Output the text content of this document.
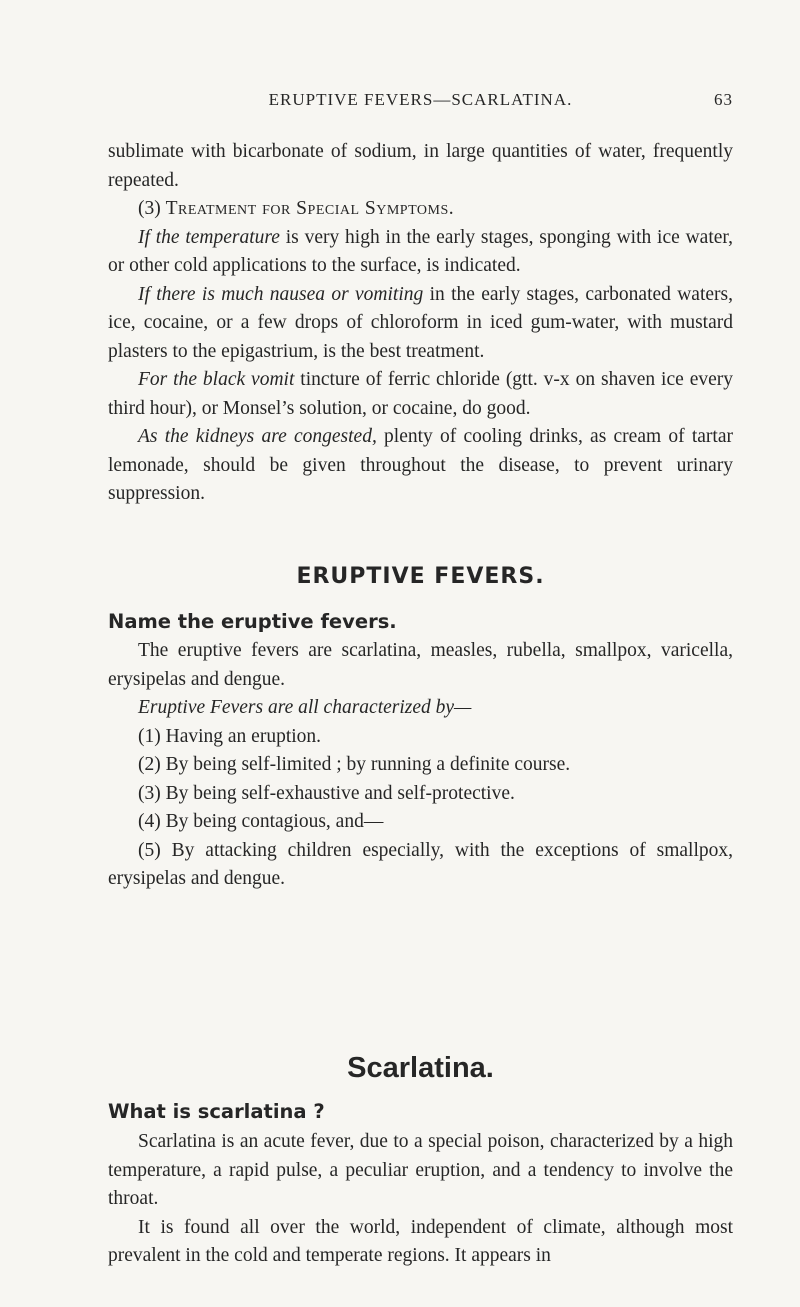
ERUPTIVE FEVERS—SCARLATINA.	63

sublimate with bicarbonate of sodium, in large quantities of water, frequently repeated.

(3) Treatment for Special Symptoms.

If the temperature is very high in the early stages, sponging with ice water, or other cold applications to the surface, is indicated.

If there is much nausea or vomiting in the early stages, carbonated waters, ice, cocaine, or a few drops of chloroform in iced gum-water, with mustard plasters to the epigastrium, is the best treatment.

For the black vomit tincture of ferric chloride (gtt. v-x on shaven ice every third hour), or Monsel’s solution, or cocaine, do good.

As the kidneys are congested, plenty of cooling drinks, as cream of tartar lemonade, should be given throughout the disease, to prevent urinary suppression.

ERUPTIVE FEVERS.
Name the eruptive fevers.

The eruptive fevers are scarlatina, measles, rubella, smallpox, varicella, erysipelas and dengue.

Eruptive Fevers are all characterized by—

(1) Having an eruption.

(2) By being self-limited ; by running a definite course.

(3) By being self-exhaustive and self-protective.

(4) By being contagious, and—

(5) By attacking children especially, with the exceptions of smallpox, erysipelas and dengue.

Scarlatina.
What is scarlatina ?

Scarlatina is an acute fever, due to a special poison, characterized by a high temperature, a rapid pulse, a peculiar eruption, and a tendency to involve the throat.

It is found all over the world, independent of climate, although most prevalent in the cold and temperate regions. It appears in
